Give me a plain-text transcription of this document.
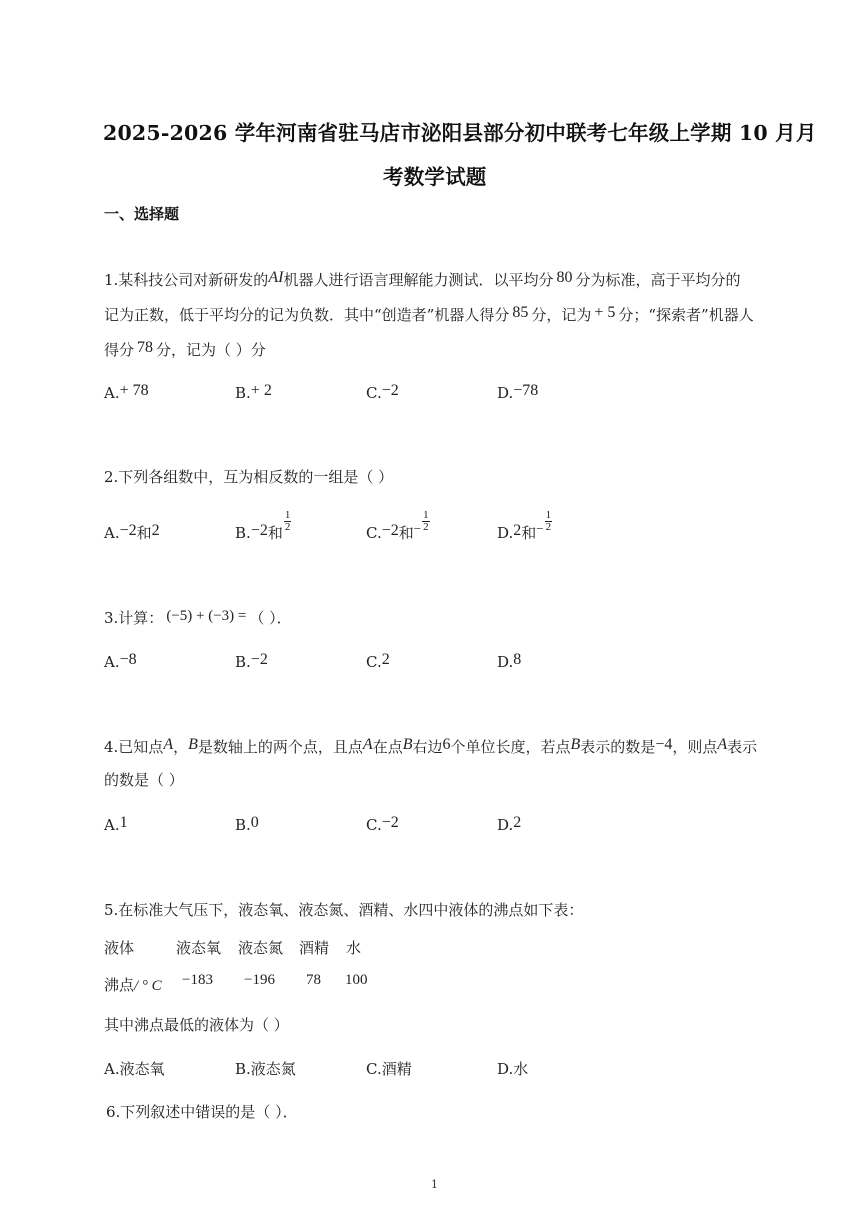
2025-2026 学年河南省驻马店市泌阳县部分初中联考七年级上学期 10 月月
考数学试题
一、选择题
1.某科技公司对新研发的AI机器人进行语言理解能力测试．以平均分 80 分为标准，高于平均分的
记为正数，低于平均分的记为负数．其中“创造者”机器人得分 85 分，记为 + 5 分；“探索者”机器人
得分 78 分，记为（ ）分
A.+ 78	B.+ 2	C.−2	D.−78
2.下列各组数中，互为相反数的一组是（ ）
A.−2和2	B.−2和
$\frac{1}{2}$
C.−2和− $\frac{1}{2}$
D.2和− $\frac{1}{2}$
3.计算： (−5) + (−3) = （ ）．
A.−8	B.−2	C.2	D.8
4.已知点A，B是数轴上的两个点，且点A在点B右边6个单位长度，若点B表示的数是−4，则点A表示
的数是（ ）
A.1	B.0	C.−2	D.2
5.在标准大气压下，液态氧、液态氮、酒精、水四中液体的沸点如下表：
液体	液态氧 液态氮 酒精 水
沸点/ ° C −183 −196 78 100
其中沸点最低的液体为（ ）
A.液态氧	B.液态氮	C.酒精	D.水
6.下列叙述中错误的是（ ）．
1
